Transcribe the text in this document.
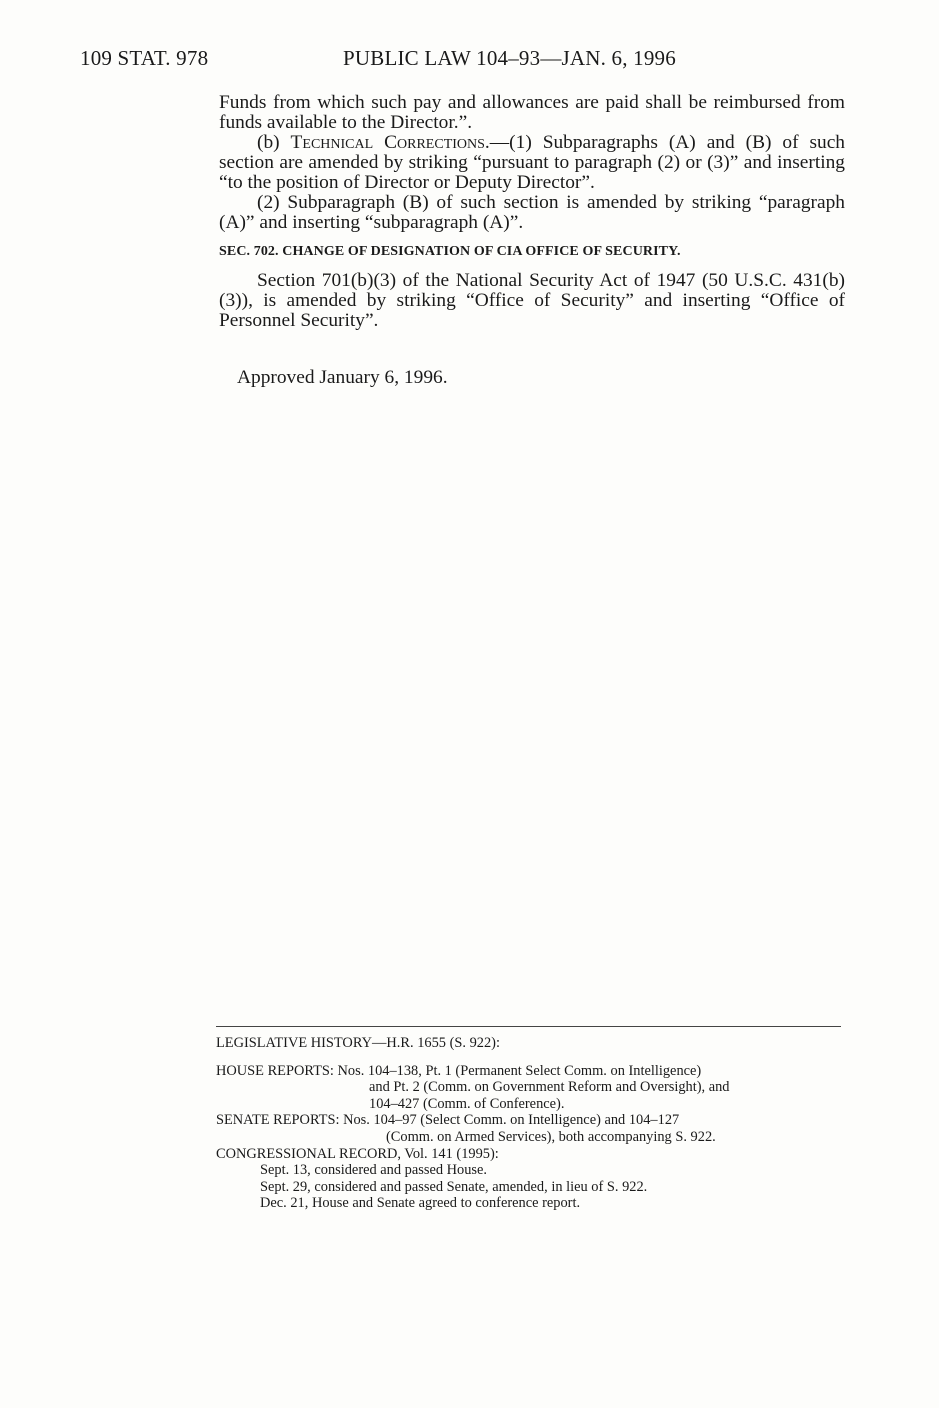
109 STAT. 978	PUBLIC LAW 104–93—JAN. 6, 1996

Funds from which such pay and allowances are paid shall be reimbursed from funds available to the Director.”.

(b) Technical Corrections.—(1) Subparagraphs (A) and (B) of such section are amended by striking “pursuant to paragraph (2) or (3)” and inserting “to the position of Director or Deputy Director”.

(2) Subparagraph (B) of such section is amended by striking “paragraph (A)” and inserting “subparagraph (A)”.

SEC. 702. CHANGE OF DESIGNATION OF CIA OFFICE OF SECURITY.

Section 701(b)(3) of the National Security Act of 1947 (50 U.S.C. 431(b)(3)), is amended by striking “Office of Security” and inserting “Office of Personnel Security”.

Approved January 6, 1996.
LEGISLATIVE HISTORY—H.R. 1655 (S. 922):
HOUSE REPORTS: Nos. 104–138, Pt. 1 (Permanent Select Comm. on Intelligence)
and Pt. 2 (Comm. on Government Reform and Oversight), and
104–427 (Comm. of Conference).
SENATE REPORTS: Nos. 104–97 (Select Comm. on Intelligence) and 104–127
(Comm. on Armed Services), both accompanying S. 922.
CONGRESSIONAL RECORD, Vol. 141 (1995):
Sept. 13, considered and passed House.
Sept. 29, considered and passed Senate, amended, in lieu of S. 922.
Dec. 21, House and Senate agreed to conference report.
